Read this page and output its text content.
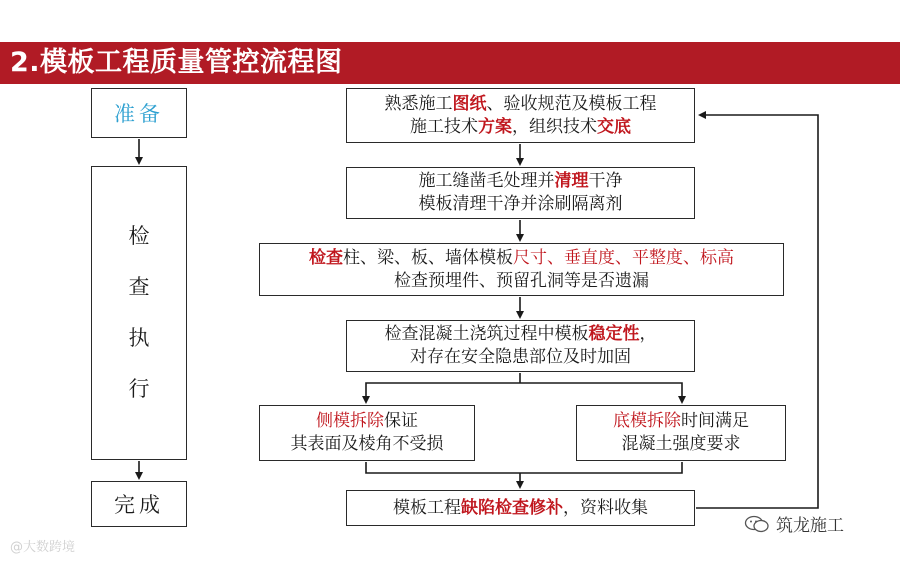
2.模板工程质量管控流程图
准备
检
查
执
行
完成
熟悉施工图纸、验收规范及模板工程
施工技术方案，组织技术交底
施工缝凿毛处理并清理干净
模板清理干净并涂刷隔离剂
检查柱、梁、板、墙体模板尺寸、垂直度、平整度、标高
检查预埋件、预留孔洞等是否遗漏
检查混凝土浇筑过程中模板稳定性，
对存在安全隐患部位及时加固
侧模拆除保证
其表面及棱角不受损
底模拆除时间满足
混凝土强度要求
模板工程缺陷检查修补，资料收集
@大数跨境
筑龙施工
